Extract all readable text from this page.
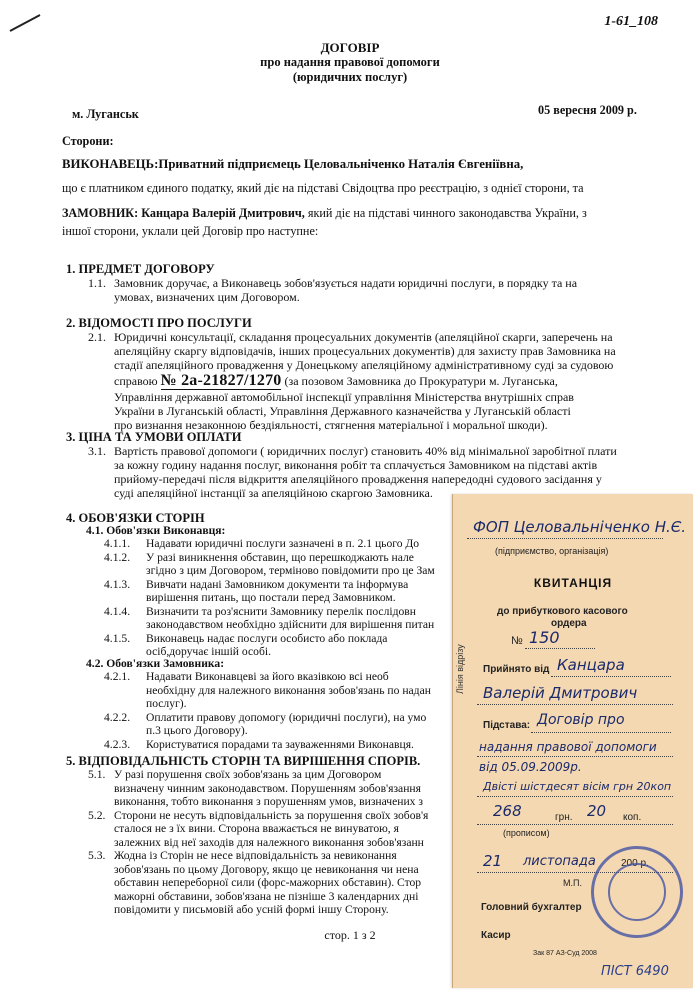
1-61_108
ДОГОВІР
про надання правової допомоги
(юридичних послуг)
м. Луганськ	05 вересня 2009 р.
Сторони:
ВИКОНАВЕЦЬ:Приватний підприємець Целовальніченко Наталія Євгеніївна,
що є платником єдиного податку, який діє на підставі Свідоцтва про реєстрацію, з однієї сторони, та
ЗАМОВНИК: Канцара Валерій Дмитрович, який діє на підставі чинного законодавства України, з
іншої сторони, уклали цей Договір про наступне:
1. ПРЕДМЕТ ДОГОВОРУ
1.1. Замовник доручає, а Виконавець зобов'язується надати юридичні послуги, в порядку та на
умовах, визначених цим Договором.
2. ВІДОМОСТІ ПРО ПОСЛУГИ
2.1. Юридичні консультації, складання процесуальних документів (апеляційної скарги, заперечень на
апеляційну скаргу відповідачів, інших процесуальних документів) для захисту прав Замовника на
стадії апеляційного провадження у Донецькому апеляційному адміністративному суді за судовою
справою № 2а-21827/1270 (за позовом Замовника до Прокуратури м. Луганська,
Управління державної автомобільної інспекції управління Міністерства внутрішніх справ
України в Луганській області, Управління Державного казначейства у Луганській області
про визнання незаконною бездіяльності, стягнення матеріальної і моральної шкоди).
3. ЦІНА ТА УМОВИ ОПЛАТИ
3.1. Вартість правової допомоги ( юридичних послуг) становить 40% від мінімальної заробітної плати
за кожну годину надання послуг, виконання робіт та сплачується Замовником на підставі актів
прийому-передачі після відкриття апеляційного провадження напередодні судового засідання у
суді апеляційної інстанції за апеляційною скаргою Замовника.
4. ОБОВ'ЯЗКИ СТОРІН
4.1. Обов'язки Виконавця:
4.1.1. Надавати юридичні послуги зазначені в п. 2.1 цього До
4.1.2. У разі виникнення обставин, що перешкоджають нале
згідно з цим Договором, терміново повідомити про це Зам
4.1.3. Вивчати надані Замовником документи та інформува
вирішення питань, що постали перед Замовником.
4.1.4. Визначити та роз'яснити Замовнику перелік послідовн
законодавством необхідно здійснити для вирішення питан
4.1.5. Виконавець надає послуги особисто або поклада
осіб,доручає іншій особі.
4.2. Обов'язки Замовника:
4.2.1. Надавати Виконавцеві за його вказівкою всі необ
необхідну для належного виконання зобов'язань по надан
послуг).
4.2.2. Оплатити правову допомогу (юридичні послуги), на умо
п.3 цього Договору).
4.2.3. Користуватися порадами та зауваженнями Виконавця.
5. ВІДПОВІДАЛЬНІСТЬ СТОРІН ТА ВИРІШЕННЯ СПОРІВ.
5.1. У разі порушення своїх зобов'язань за цим Договором
визначену чинним законодавством. Порушенням зобов'язання
виконання, тобто виконання з порушенням умов, визначених з
5.2. Сторони не несуть відповідальність за порушення своїх зобов'я
сталося не з їх вини. Сторона вважається не винуватою, я
залежних від неї заходів для належного виконання зобов'язанн
5.3. Жодна із Сторін не несе відповідальність за невиконання
зобов'язань по цьому Договору, якщо це невиконання чи нена
обставин непереборної сили (форс-мажорних обставин). Стор
мажорні обставини, зобов'язана не пізніше 3 календарних дні
повідомити у письмовій або усній формі іншу Сторону.
стор. 1 з 2
ФОП Целовальніченко Н.Є.
(підприємство, організація)
КВИТАНЦІЯ
до прибуткового касового
ордера
№ 150
Прийнято від Канцара
Валерій Дмитрович
Підстава: Договір про
надання правової допомоги
від 05.09.2009р.
Двісті шістдесят вісім грн 20коп
268	грн. 20 коп.
(прописом)
21 листопада	200 р.
М.П.
Головний бухгалтер
Касир
Зак 87 АЗ-Суд 2008
ПІСТ 6490
Лінія відрізу
